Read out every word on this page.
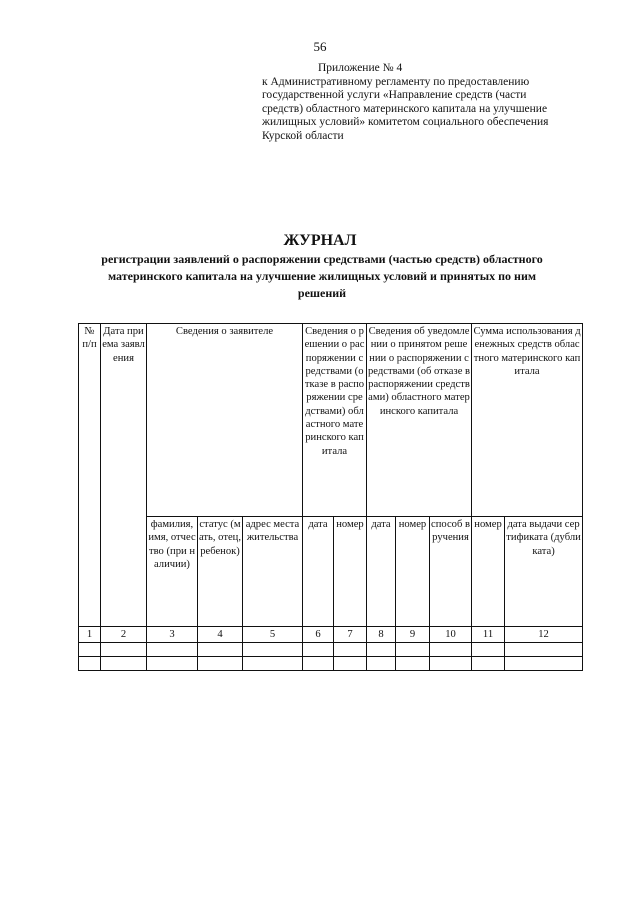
56
Приложение № 4
к Административному регламенту по предоставлению
государственной услуги «Направление средств (части
средств) областного материнского капитала на улучшение
жилищных условий» комитетом социального обеспечения
Курской области
ЖУРНАЛ
регистрации заявлений о распоряжении средствами (частью средств) областного
материнского капитала на улучшение жилищных условий и принятых по ним
решений
№ п/п	Дата приема заявления	Сведения о заявителе			Сведения о решении о распоряжении средствами (отказе в распоряжении средствами) областного материнского капитала		Сведения об уведомлении о принятом решении о распоряжении средствами (об отказе в распоряжении средствами) областного материнского капитала			Сумма использования денежных средств областного материнского капитала	
		фамилия, имя, отчество (при наличии)	статус (мать, отец, ребенок)	адрес места жительства	дата	номер	дата	номер	способ вручения	номер	дата выдачи сертификата (дубликата)
1	2	3	4	5	6	7	8	9	10	11	12
